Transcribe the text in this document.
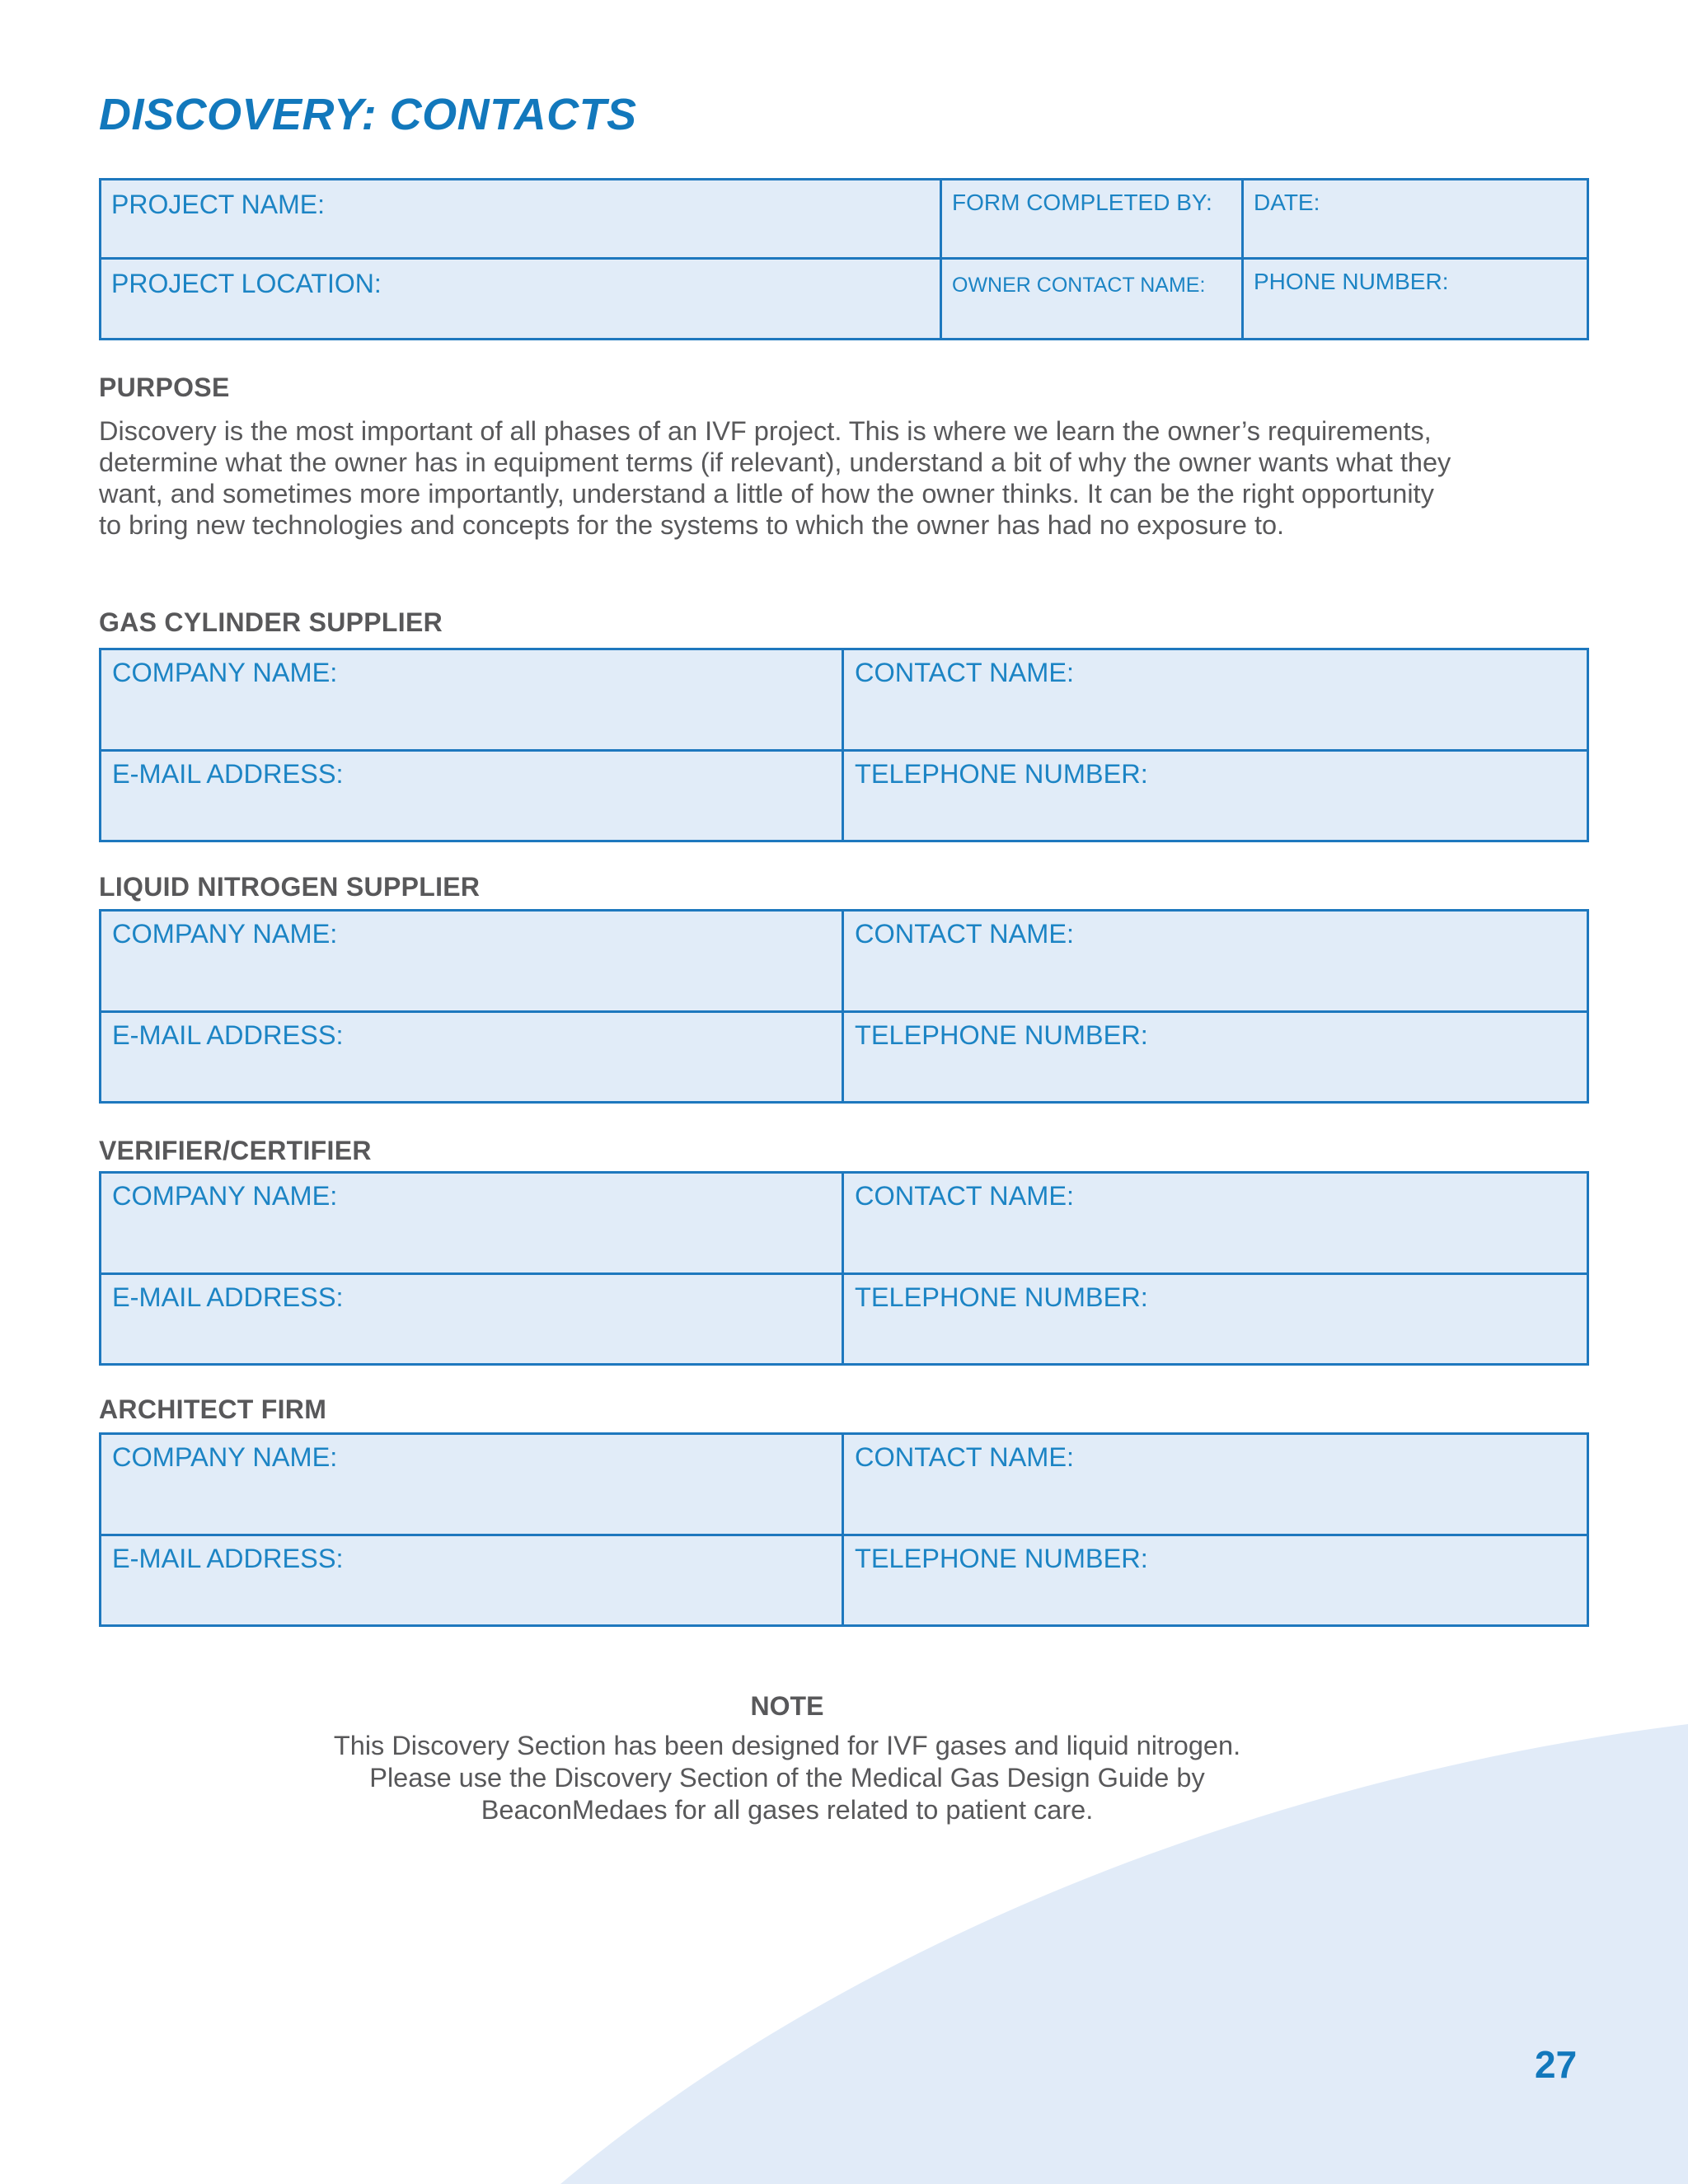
DISCOVERY: CONTACTS
PROJECT NAME:	FORM COMPLETED BY:	DATE:
PROJECT LOCATION:	OWNER CONTACT NAME:	PHONE NUMBER:
PURPOSE
Discovery is the most important of all phases of an IVF project. This is where we learn the owner’s requirements,
determine what the owner has in equipment terms (if relevant), understand a bit of why the owner wants what they
want, and sometimes more importantly, understand a little of how the owner thinks. It can be the right opportunity
to bring new technologies and concepts for the systems to which the owner has had no exposure to.
GAS CYLINDER SUPPLIER
COMPANY NAME:	CONTACT NAME:
E-MAIL ADDRESS:	TELEPHONE NUMBER:
LIQUID NITROGEN SUPPLIER
COMPANY NAME:	CONTACT NAME:
E-MAIL ADDRESS:	TELEPHONE NUMBER:
VERIFIER/CERTIFIER
COMPANY NAME:	CONTACT NAME:
E-MAIL ADDRESS:	TELEPHONE NUMBER:
ARCHITECT FIRM
COMPANY NAME:	CONTACT NAME:
E-MAIL ADDRESS:	TELEPHONE NUMBER:
NOTE
This Discovery Section has been designed for IVF gases and liquid nitrogen.
Please use the Discovery Section of the Medical Gas Design Guide by
BeaconMedaes for all gases related to patient care.
27
